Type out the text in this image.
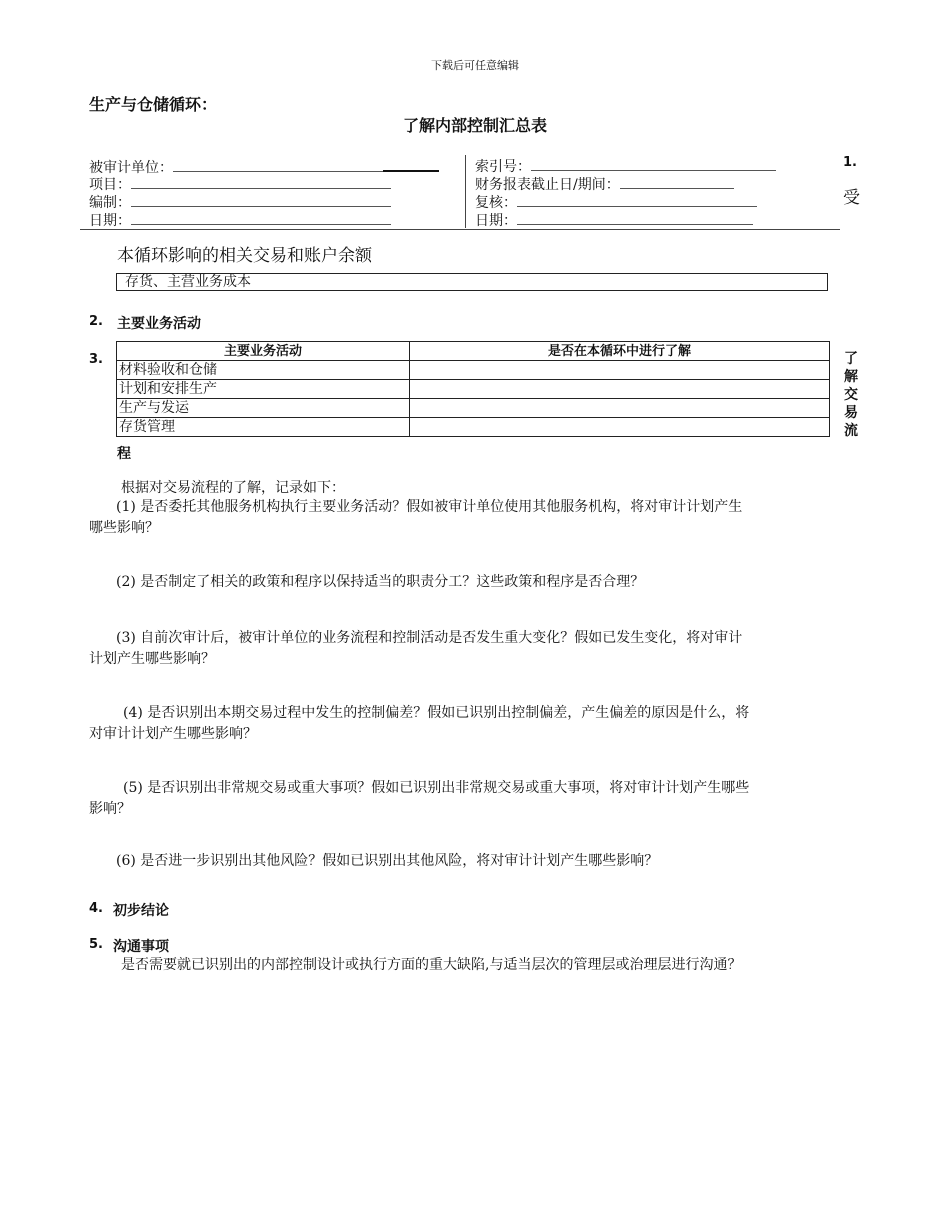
下载后可任意编辑
生产与仓储循环：
了解内部控制汇总表
被审计单位：
项目：
编制：
日期：
索引号：
财务报表截止日/期间：
复核：
日期：
1.
受
本循环影响的相关交易和账户余额
存货、主营业务成本
2. 主要业务活动
3.
主要业务活动	是否在本循环中进行了解
材料验收和仓储	
计划和安排生产	
生产与发运	
存货管理	
了解交易流
程
根据对交易流程的了解，记录如下：
(1) 是否委托其他服务机构执行主要业务活动？假如被审计单位使用其他服务机构，将对审计计划产生
哪些影响？
(2) 是否制定了相关的政策和程序以保持适当的职责分工？这些政策和程序是否合理？
(3) 自前次审计后，被审计单位的业务流程和控制活动是否发生重大变化？假如已发生变化，将对审计
计划产生哪些影响？
(4) 是否识别出本期交易过程中发生的控制偏差？假如已识别出控制偏差，产生偏差的原因是什么，将
对审计计划产生哪些影响？
(5) 是否识别出非常规交易或重大事项？假如已识别出非常规交易或重大事项，将对审计计划产生哪些
影响？
(6) 是否进一步识别出其他风险？假如已识别出其他风险，将对审计计划产生哪些影响？
4. 初步结论
5. 沟通事项
是否需要就已识别出的内部控制设计或执行方面的重大缺陷,与适当层次的管理层或治理层进行沟通？
